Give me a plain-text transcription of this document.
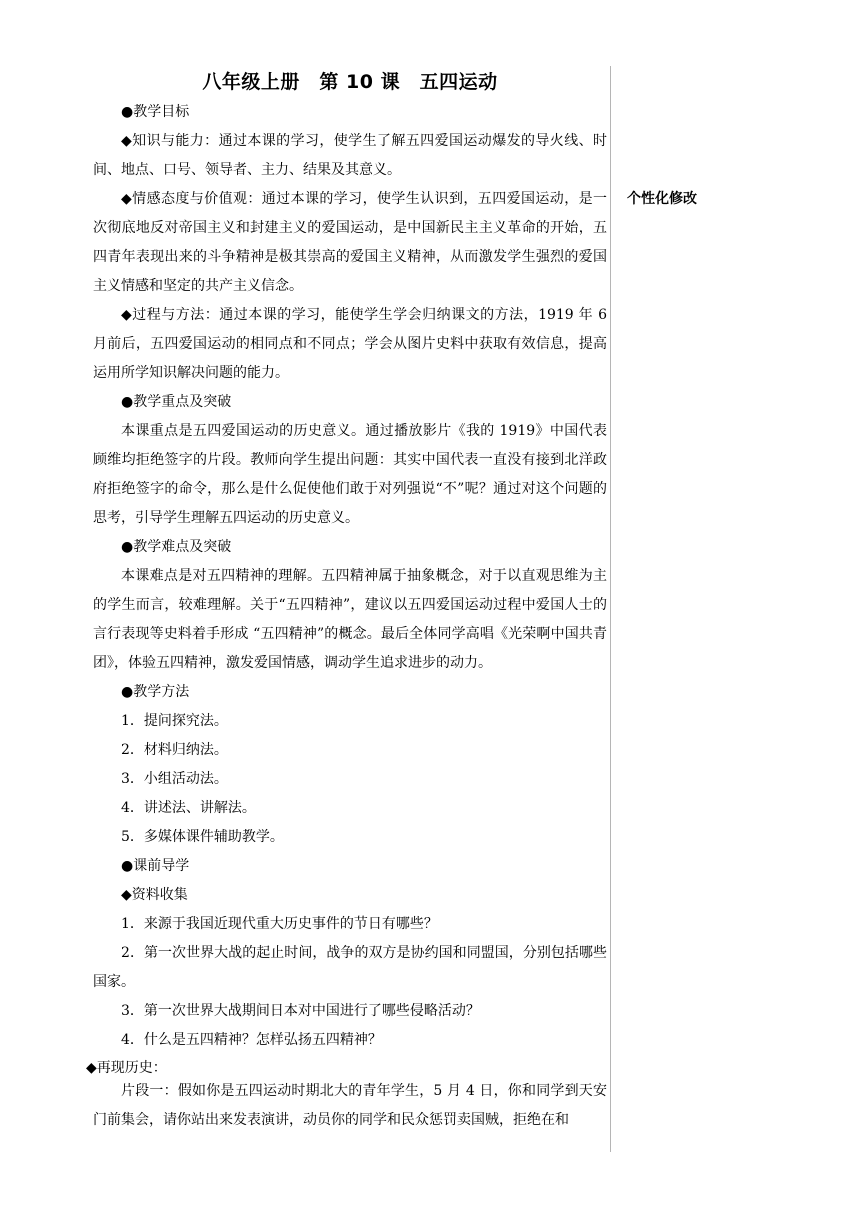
八年级上册　第 10 课　五四运动

●教学目标

◆知识与能力：通过本课的学习，使学生了解五四爱国运动爆发的导火线、时间、地点、口号、领导者、主力、结果及其意义。

◆情感态度与价值观：通过本课的学习，使学生认识到，五四爱国运动，是一次彻底地反对帝国主义和封建主义的爱国运动，是中国新民主主义革命的开始，五四青年表现出来的斗争精神是极其崇高的爱国主义精神，从而激发学生强烈的爱国主义情感和坚定的共产主义信念。

◆过程与方法：通过本课的学习，能使学生学会归纳课文的方法，1919 年 6 月前后，五四爱国运动的相同点和不同点；学会从图片史料中获取有效信息，提高运用所学知识解决问题的能力。

●教学重点及突破

本课重点是五四爱国运动的历史意义。通过播放影片《我的 1919》中国代表顾维均拒绝签字的片段。教师向学生提出问题：其实中国代表一直没有接到北洋政府拒绝签字的命令，那么是什么促使他们敢于对列强说“不”呢？通过对这个问题的思考，引导学生理解五四运动的历史意义。

●教学难点及突破

本课难点是对五四精神的理解。五四精神属于抽象概念，对于以直观思维为主的学生而言，较难理解。关于“五四精神”，建议以五四爱国运动过程中爱国人士的言行表现等史料着手形成 “五四精神”的概念。最后全体同学高唱《光荣啊中国共青团》，体验五四精神，激发爱国情感，调动学生追求进步的动力。

●教学方法

1．提问探究法。

2．材料归纳法。

3．小组活动法。

4．讲述法、讲解法。

5．多媒体课件辅助教学。

●课前导学

◆资料收集

1．来源于我国近现代重大历史事件的节日有哪些？

2．第一次世界大战的起止时间，战争的双方是协约国和同盟国，分别包括哪些国家。

3．第一次世界大战期间日本对中国进行了哪些侵略活动？

4．什么是五四精神？怎样弘扬五四精神？

◆再现历史：

片段一：假如你是五四运动时期北大的青年学生，5 月 4 日，你和同学到天安门前集会，请你站出来发表演讲，动员你的同学和民众惩罚卖国贼，拒绝在和

个性化修改
